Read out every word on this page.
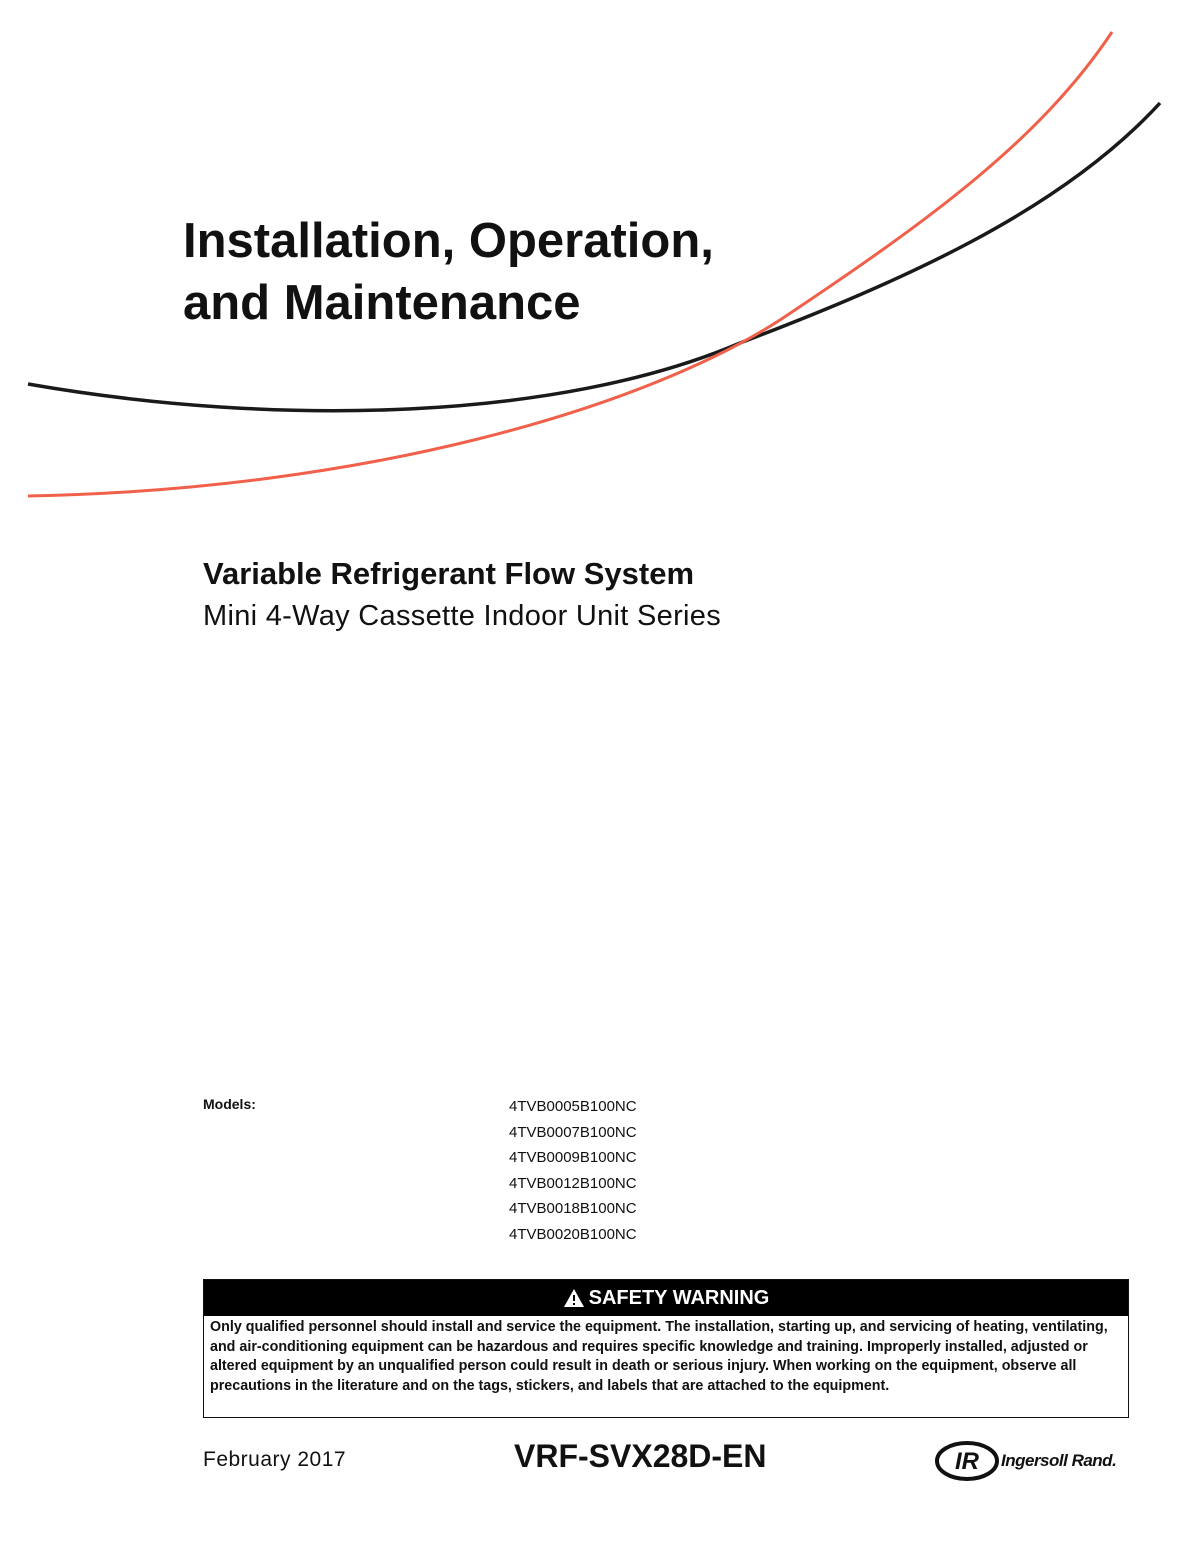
Installation, Operation,
and Maintenance
Variable Refrigerant Flow System
Mini 4-Way Cassette Indoor Unit Series
Models:	4TVB0005B100NC
4TVB0007B100NC
4TVB0009B100NC
4TVB0012B100NC
4TVB0018B100NC
4TVB0020B100NC
SAFETY WARNING

Only qualified personnel should install and service the equipment. The installation, starting up, and servicing of heating, ventilating, and air-conditioning equipment can be hazardous and requires specific knowledge and training. Improperly installed, adjusted or altered equipment by an unqualified person could result in death or serious injury. When working on the equipment, observe all precautions in the literature and on the tags, stickers, and labels that are attached to the equipment.

February 2017	VRF-SVX28D-EN	IR Ingersoll Rand.
